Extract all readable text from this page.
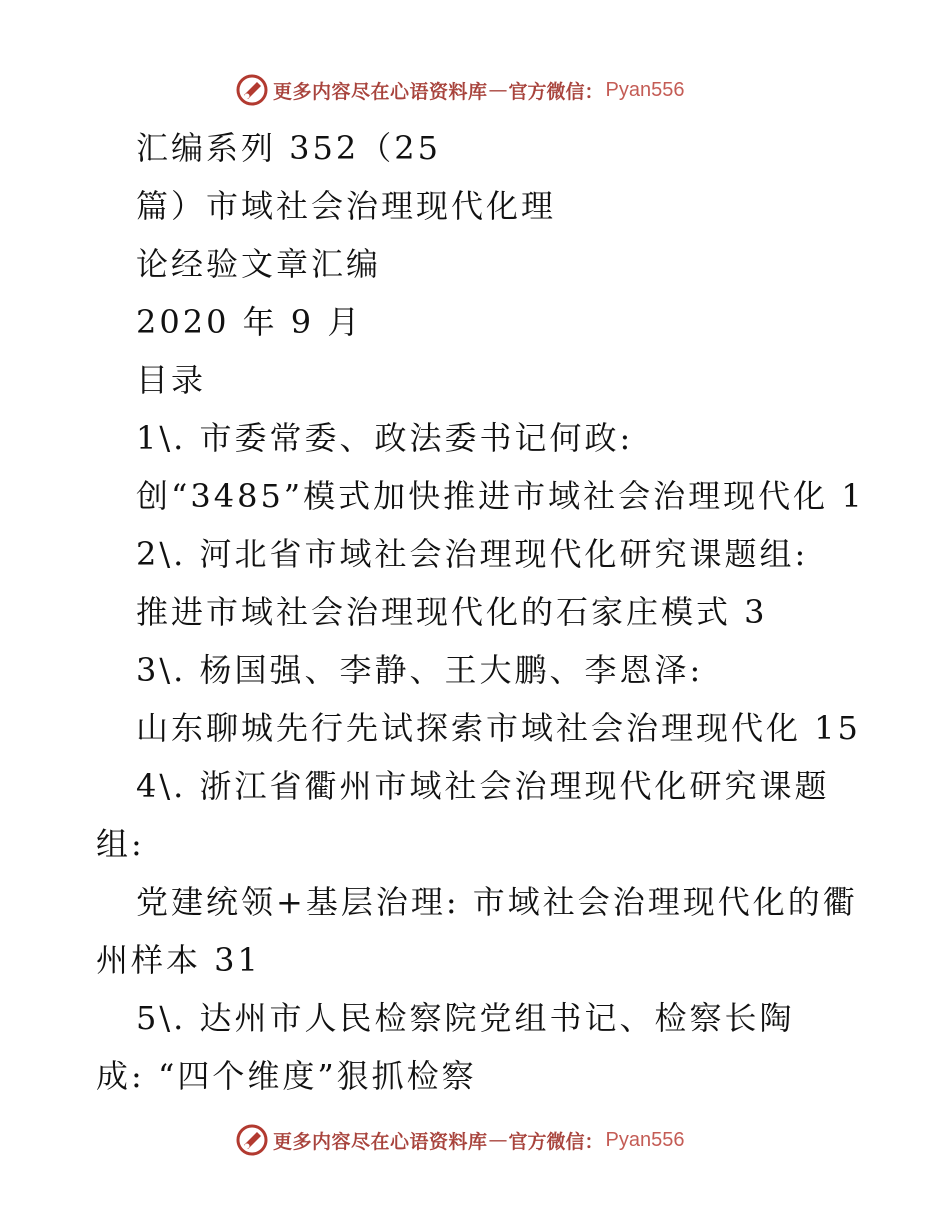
更多内容尽在心语资料库 — 官方微信： Pyan556
汇编系列 352（25
篇）市域社会治理现代化理
论经验文章汇编
2020 年 9 月
目录
1\. 市委常委、政法委书记何政:
创“3485”模式加快推进市域社会治理现代化 1
2\. 河北省市域社会治理现代化研究课题组:
推进市域社会治理现代化的石家庄模式 3
3\. 杨国强、李静、王大鹏、李恩泽:
山东聊城先行先试探索市域社会治理现代化 15
4\. 浙江省衢州市域社会治理现代化研究课题
组:
党建统领+基层治理: 市域社会治理现代化的衢
州样本 31
5\. 达州市人民检察院党组书记、检察长陶
成: “四个维度”狠抓检察
更多内容尽在心语资料库 — 官方微信： Pyan556
